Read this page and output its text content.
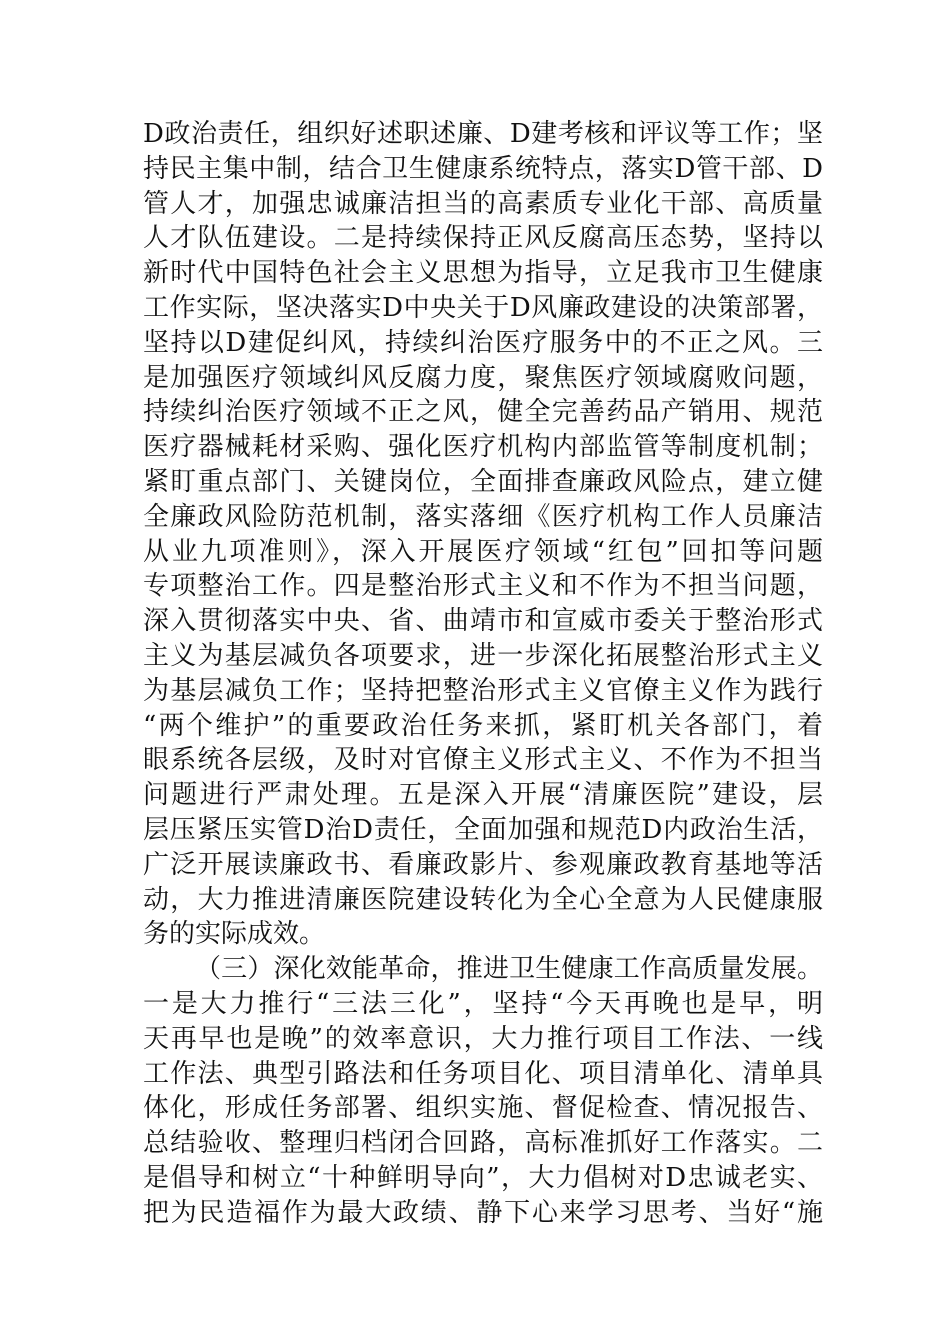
D政治责任，组织好述职述廉、D建考核和评议等工作；坚
持民主集中制，结合卫生健康系统特点，落实D管干部、D
管人才，加强忠诚廉洁担当的高素质专业化干部、高质量
人才队伍建设。二是持续保持正风反腐高压态势，坚持以
新时代中国特色社会主义思想为指导，立足我市卫生健康
工作实际，坚决落实D中央关于D风廉政建设的决策部署，
坚持以D建促纠风，持续纠治医疗服务中的不正之风。三
是加强医疗领域纠风反腐力度，聚焦医疗领域腐败问题，
持续纠治医疗领域不正之风，健全完善药品产销用、规范
医疗器械耗材采购、强化医疗机构内部监管等制度机制；
紧盯重点部门、关键岗位，全面排查廉政风险点，建立健
全廉政风险防范机制，落实落细《医疗机构工作人员廉洁
从业九项准则》，深入开展医疗领域“红包”回扣等问题
专项整治工作。四是整治形式主义和不作为不担当问题，
深入贯彻落实中央、省、曲靖市和宣威市委关于整治形式
主义为基层减负各项要求，进一步深化拓展整治形式主义
为基层减负工作；坚持把整治形式主义官僚主义作为践行
“两个维护”的重要政治任务来抓，紧盯机关各部门，着
眼系统各层级，及时对官僚主义形式主义、不作为不担当
问题进行严肃处理。五是深入开展“清廉医院”建设，层
层压紧压实管D治D责任，全面加强和规范D内政治生活，
广泛开展读廉政书、看廉政影片、参观廉政教育基地等活
动，大力推进清廉医院建设转化为全心全意为人民健康服
务的实际成效。
（三）深化效能革命，推进卫生健康工作高质量发展。
一是大力推行“三法三化”，坚持“今天再晚也是早，明
天再早也是晚”的效率意识，大力推行项目工作法、一线
工作法、典型引路法和任务项目化、项目清单化、清单具
体化，形成任务部署、组织实施、督促检查、情况报告、
总结验收、整理归档闭合回路，高标准抓好工作落实。二
是倡导和树立“十种鲜明导向”，大力倡树对D忠诚老实、
把为民造福作为最大政绩、静下心来学习思考、当好“施
